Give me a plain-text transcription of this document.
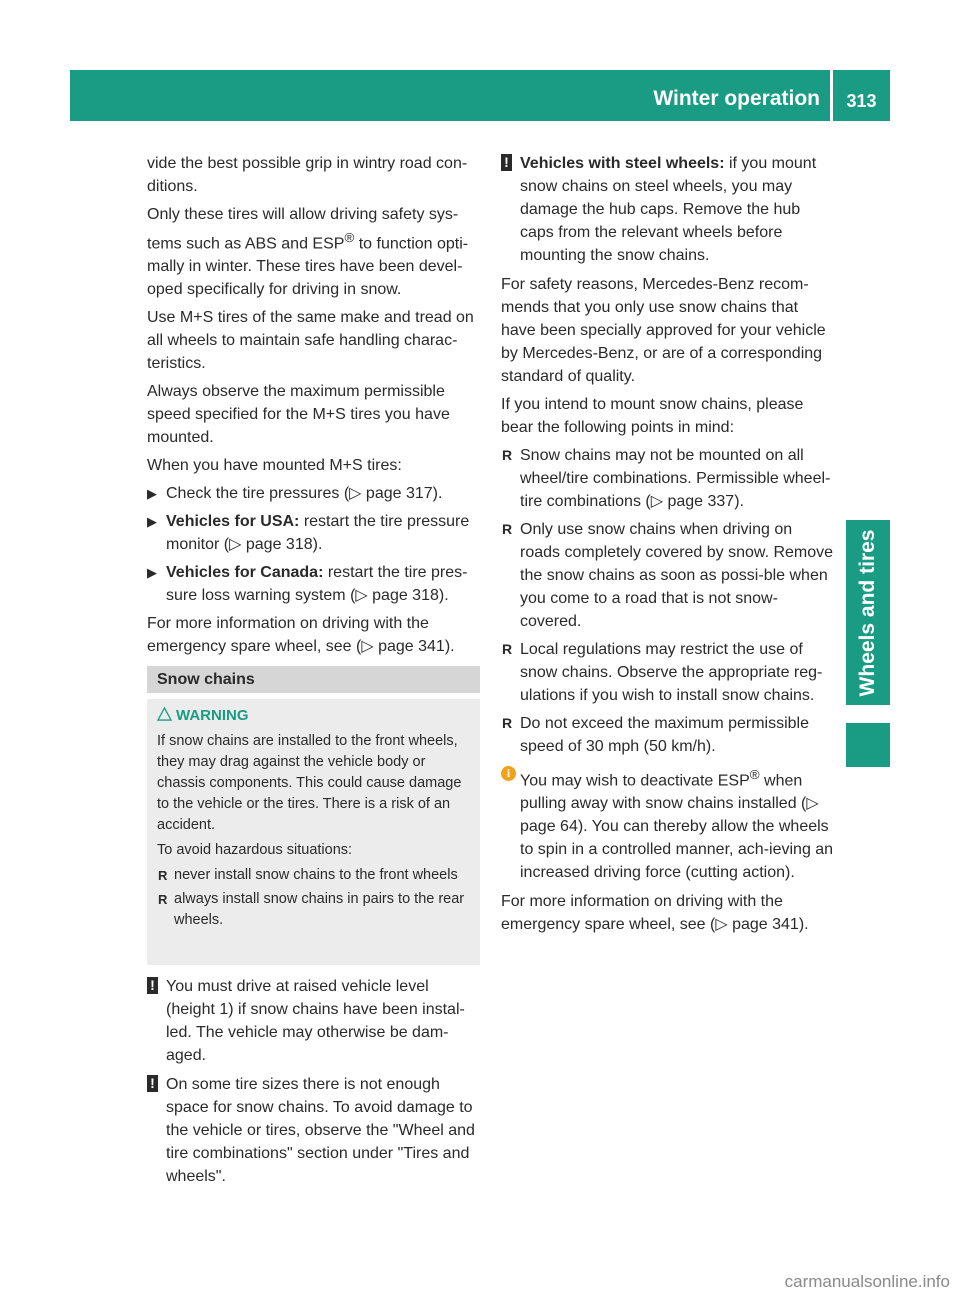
Winter operation	313
Wheels and tires

vide the best possible grip in wintry road con-ditions.

Only these tires will allow driving safety sys-tems such as ABS and ESP® to function opti-mally in winter. These tires have been devel-oped specifically for driving in snow.

Use M+S tires of the same make and tread on all wheels to maintain safe handling charac-teristics.

Always observe the maximum permissible speed specified for the M+S tires you have mounted.

When you have mounted M+S tires:

▶ Check the tire pressures (▷ page 317).
▶ Vehicles for USA: restart the tire pressure monitor (▷ page 318).
▶ Vehicles for Canada: restart the tire pres-sure loss warning system (▷ page 318).

For more information on driving with the emergency spare wheel, see (▷ page 341).

Snow chains
WARNING

If snow chains are installed to the front wheels, they may drag against the vehicle body or chassis components. This could cause damage to the vehicle or the tires. There is a risk of an accident.

To avoid hazardous situations:

R never install snow chains to the front wheels
R always install snow chains in pairs to the rear wheels.
! You must drive at raised vehicle level (height 1) if snow chains have been instal-led. The vehicle may otherwise be dam-aged.
! On some tire sizes there is not enough space for snow chains. To avoid damage to the vehicle or tires, observe the "Wheel and tire combinations" section under "Tires and wheels".
! Vehicles with steel wheels: if you mount snow chains on steel wheels, you may damage the hub caps. Remove the hub caps from the relevant wheels before mounting the snow chains.

For safety reasons, Mercedes-Benz recom-mends that you only use snow chains that have been specially approved for your vehicle by Mercedes-Benz, or are of a corresponding standard of quality.

If you intend to mount snow chains, please bear the following points in mind:

R Snow chains may not be mounted on all wheel/tire combinations. Permissible wheel-tire combinations (▷ page 337).
R Only use snow chains when driving on roads completely covered by snow. Remove the snow chains as soon as possi-ble when you come to a road that is not snow-covered.
R Local regulations may restrict the use of snow chains. Observe the appropriate reg-ulations if you wish to install snow chains.
R Do not exceed the maximum permissible speed of 30 mph (50 km/h).
i You may wish to deactivate ESP® when pulling away with snow chains installed (▷ page 64). You can thereby allow the wheels to spin in a controlled manner, ach-ieving an increased driving force (cutting action).

For more information on driving with the emergency spare wheel, see (▷ page 341).

carmanualsonline.info
